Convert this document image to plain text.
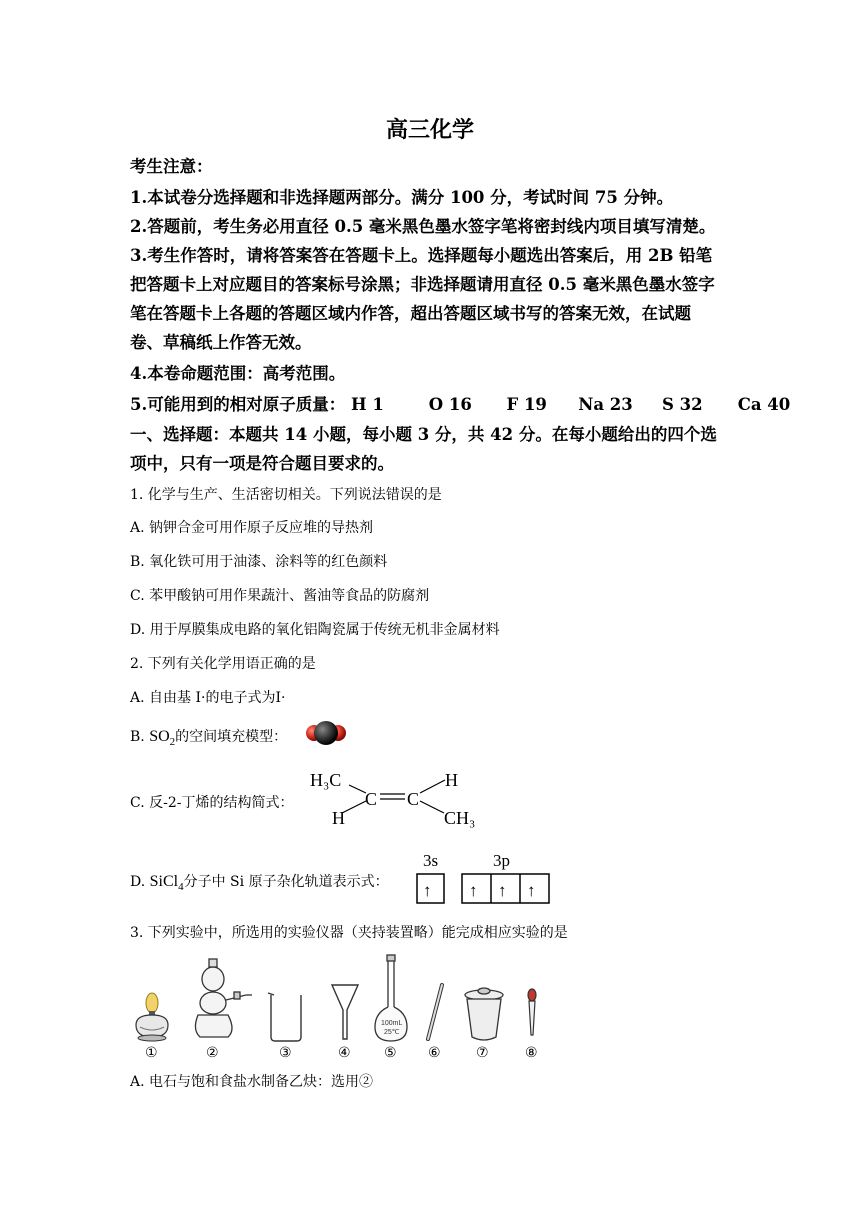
高三化学
考生注意：
1.本试卷分选择题和非选择题两部分。满分 100 分，考试时间 75 分钟。
2.答题前，考生务必用直径 0.5 毫米黑色墨水签字笔将密封线内项目填写清楚。
3.考生作答时，请将答案答在答题卡上。选择题每小题选出答案后，用 2B 铅笔
把答题卡上对应题目的答案标号涂黑；非选择题请用直径 0.5 毫米黑色墨水签字
笔在答题卡上各题的答题区域内作答，超出答题区域书写的答案无效，在试题
卷、草稿纸上作答无效。
4.本卷命题范围：高考范围。
5.可能用到的相对原子质量： H 1	O 16 F 19 Na 23 S 32 Ca 40
一、选择题：本题共 14 小题，每小题 3 分，共 42 分。在每小题给出的四个选
项中，只有一项是符合题目要求的。
1. 化学与生产、生活密切相关。下列说法错误的是
A. 钠钾合金可用作原子反应堆的导热剂
B. 氧化铁可用于油漆、涂料等的红色颜料
C. 苯甲酸钠可用作果蔬汁、酱油等食品的防腐剂
D. 用于厚膜集成电路的氧化铝陶瓷属于传统无机非金属材料
2. 下列有关化学用语正确的是
A. 自由基 I·的电子式为I·
B. $SO_2$的空间填充模型：
C. 反-2-丁烯的结构简式：
H₃C	H
H	CH₃
C C
D. SiCl$_4$分子中 Si 原子杂化轨道表示式：
3s	3p
↑ ↑ ↑ ↑
3. 下列实验中，所选用的实验仪器（夹持装置略）能完成相应实验的是
100mL
25℃
①	②	③	④ ⑤ ⑥	⑦	⑧
A. 电石与饱和食盐水制备乙炔：选用②
